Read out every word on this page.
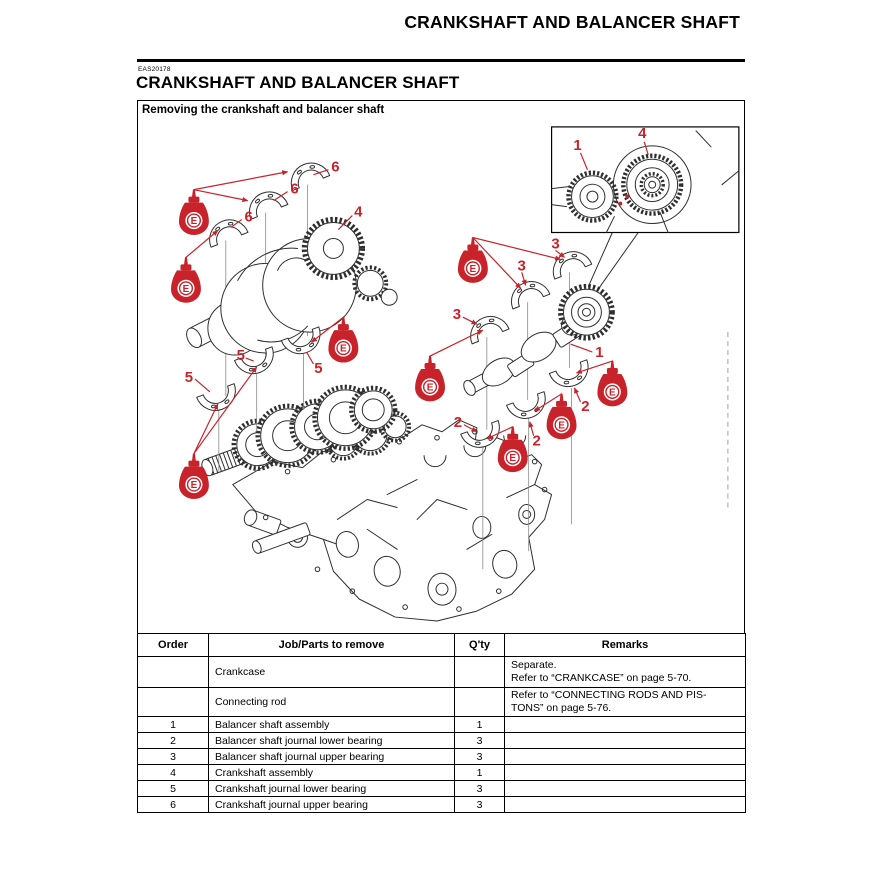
CRANKSHAFT AND BALANCER SHAFT
EAS20178
CRANKSHAFT AND BALANCER SHAFT
1
4
6
6
6	4
5
5
5
3
3
3
1
2
2
2
Removing the crankshaft and balancer shaft
Order	Job/Parts to remove	Q'ty	Remarks
	Crankcase		Separate.
Refer to “CRANKCASE” on page 5-70.

	Connecting rod		Refer to “CONNECTING RODS AND PIS-
TONS” on page 5-76.

1	Balancer shaft assembly	1	
2	Balancer shaft journal lower bearing	3	
3	Balancer shaft journal upper bearing	3	
4	Crankshaft assembly	1	
5	Crankshaft journal lower bearing	3	
6	Crankshaft journal upper bearing	3	
